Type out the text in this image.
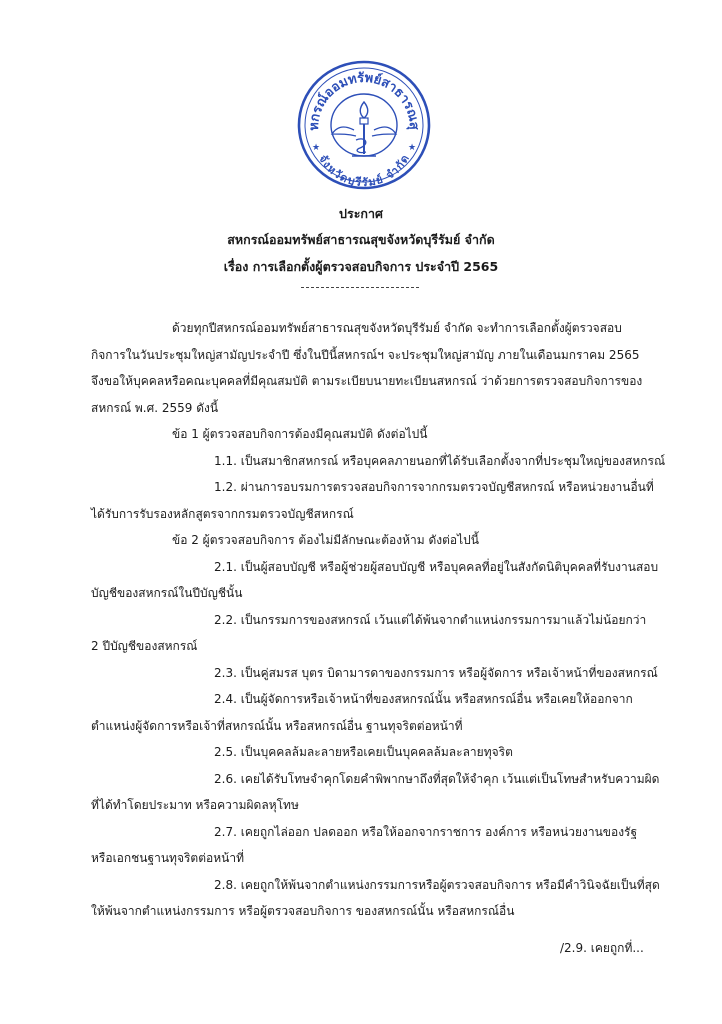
หกรณ์ออมทรัพย์สาธารณสุ
จังหวัดบุรีรัมย์ จำกัด
★	★
ประกาศ
สหกรณ์ออมทรัพย์สาธารณสุขจังหวัดบุรีรัมย์ จำกัด
เรื่อง การเลือกตั้งผู้ตรวจสอบกิจการ ประจำปี 2565
ด้วยทุกปีสหกรณ์ออมทรัพย์สาธารณสุขจังหวัดบุรีรัมย์ จำกัด จะทำการเลือกตั้งผู้ตรวจสอบ
กิจการในวันประชุมใหญ่สามัญประจำปี ซึ่งในปีนี้สหกรณ์ฯ จะประชุมใหญ่สามัญ ภายในเดือนมกราคม 2565
จึงขอให้บุคคลหรือคณะบุคคลที่มีคุณสมบัติ ตามระเบียบนายทะเบียนสหกรณ์ ว่าด้วยการตรวจสอบกิจการของ
สหกรณ์ พ.ศ. 2559 ดังนี้
ข้อ 1 ผู้ตรวจสอบกิจการต้องมีคุณสมบัติ ดังต่อไปนี้
1.1. เป็นสมาชิกสหกรณ์ หรือบุคคลภายนอกที่ได้รับเลือกตั้งจากที่ประชุมใหญ่ของสหกรณ์
1.2. ผ่านการอบรมการตรวจสอบกิจการจากกรมตรวจบัญชีสหกรณ์ หรือหน่วยงานอื่นที่
ได้รับการรับรองหลักสูตรจากกรมตรวจบัญชีสหกรณ์
ข้อ 2 ผู้ตรวจสอบกิจการ ต้องไม่มีลักษณะต้องห้าม ดังต่อไปนี้
2.1. เป็นผู้สอบบัญชี หรือผู้ช่วยผู้สอบบัญชี หรือบุคคลที่อยู่ในสังกัดนิติบุคคลที่รับงานสอบ
บัญชีของสหกรณ์ในปีบัญชีนั้น
2.2. เป็นกรรมการของสหกรณ์ เว้นแต่ได้พ้นจากตำแหน่งกรรมการมาแล้วไม่น้อยกว่า
2 ปีบัญชีของสหกรณ์
2.3. เป็นคู่สมรส บุตร บิดามารดาของกรรมการ หรือผู้จัดการ หรือเจ้าหน้าที่ของสหกรณ์
2.4. เป็นผู้จัดการหรือเจ้าหน้าที่ของสหกรณ์นั้น หรือสหกรณ์อื่น หรือเคยให้ออกจาก
ตำแหน่งผู้จัดการหรือเจ้าที่สหกรณ์นั้น หรือสหกรณ์อื่น ฐานทุจริตต่อหน้าที่
2.5. เป็นบุคคลล้มละลายหรือเคยเป็นบุคคลล้มละลายทุจริต
2.6. เคยได้รับโทษจำคุกโดยคำพิพากษาถึงที่สุดให้จำคุก เว้นแต่เป็นโทษสำหรับความผิด
ที่ได้ทำโดยประมาท หรือความผิดลหุโทษ
2.7. เคยถูกไล่ออก ปลดออก หรือให้ออกจากราชการ องค์การ หรือหน่วยงานของรัฐ
หรือเอกชนฐานทุจริตต่อหน้าที่
2.8. เคยถูกให้พ้นจากตำแหน่งกรรมการหรือผู้ตรวจสอบกิจการ หรือมีคำวินิจฉัยเป็นที่สุด
ให้พ้นจากตำแหน่งกรรมการ หรือผู้ตรวจสอบกิจการ ของสหกรณ์นั้น หรือสหกรณ์อื่น
/2.9. เคยถูกที่...
